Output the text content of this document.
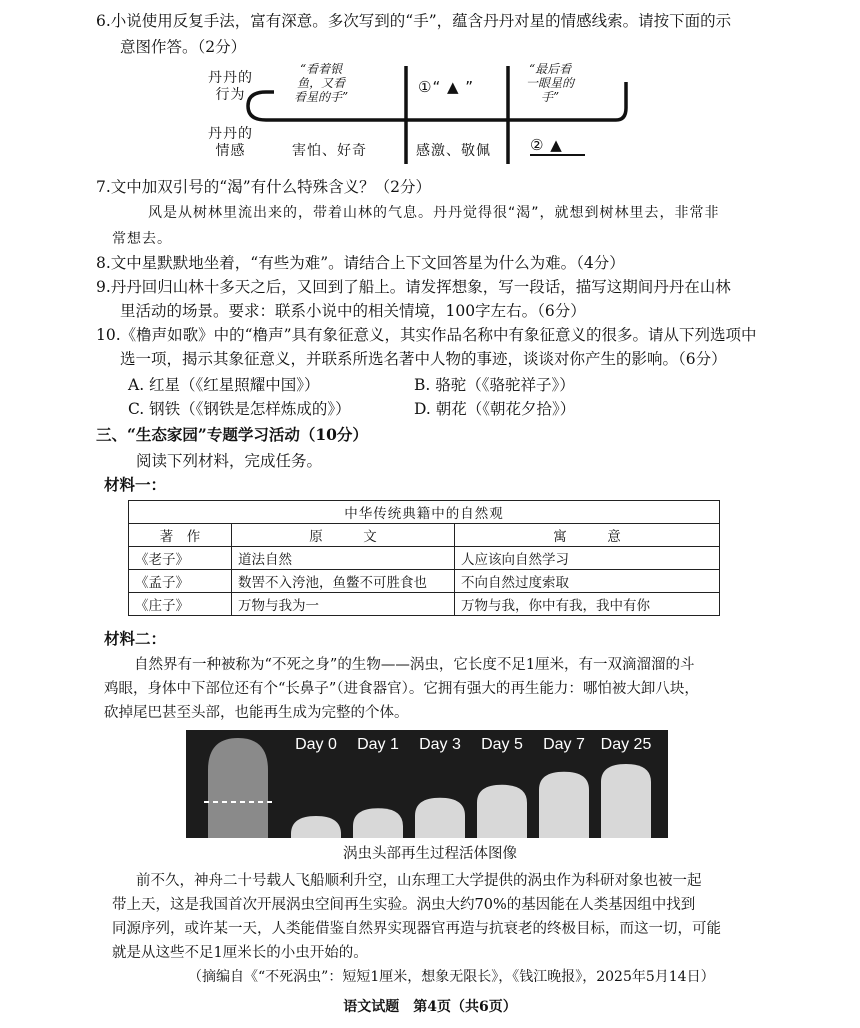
6.小说使用反复手法，富有深意。多次写到的“手”，蕴含丹丹对星的情感线索。请按下面的示
意图作答。（2分）
丹丹的
行为
丹丹的
情感
“看着银
鱼，又看
看星的手”
①“ ▲ ”
“最后看
一眼星的
手”
害怕、好奇	感激、敬佩	② ▲
7.文中加双引号的“渴”有什么特殊含义？（2分）
风是从树林里流出来的，带着山林的气息。丹丹觉得很“渴”，就想到树林里去，非常非
常想去。
8.文中星默默地坐着，“有些为难”。请结合上下文回答星为什么为难。（4分）
9.丹丹回归山林十多天之后，又回到了船上。请发挥想象，写一段话，描写这期间丹丹在山林
里活动的场景。要求：联系小说中的相关情境，100字左右。（6分）
10.《橹声如歌》中的“橹声”具有象征意义，其实作品名称中有象征意义的很多。请从下列选项中
选一项，揭示其象征意义，并联系所选名著中人物的事迹，谈谈对你产生的影响。（6分）
A. 红星（《红星照耀中国》）	B. 骆驼（《骆驼祥子》）
C. 钢铁（《钢铁是怎样炼成的》）	D. 朝花（《朝花夕拾》）
三、“生态家园”专题学习活动（10分）
阅读下列材料，完成任务。
材料一：
中华传统典籍中的自然观		
著　作	原　　　文	寓　　　意
《老子》	道法自然	人应该向自然学习
《孟子》	数罟不入洿池，鱼鳖不可胜食也	不向自然过度索取
《庄子》	万物与我为一	万物与我，你中有我，我中有你
材料二：
自然界有一种被称为“不死之身”的生物——涡虫，它长度不足1厘米，有一双滴溜溜的斗
鸡眼，身体中下部位还有个“长鼻子”（进食器官）。它拥有强大的再生能力：哪怕被大卸八块，
砍掉尾巴甚至头部，也能再生成为完整的个体。
Day 0	Day 1	Day 3	Day 5	Day 7 Day 25
涡虫头部再生过程活体图像
前不久，神舟二十号载人飞船顺利升空，山东理工大学提供的涡虫作为科研对象也被一起
带上天，这是我国首次开展涡虫空间再生实验。涡虫大约70%的基因能在人类基因组中找到
同源序列，或许某一天，人类能借鉴自然界实现器官再造与抗衰老的终极目标，而这一切，可能
就是从这些不足1厘米长的小虫开始的。
（摘编自《“不死涡虫”：短短1厘米，想象无限长》，《钱江晚报》，2025年5月14日）
语文试题　第4页（共6页）
